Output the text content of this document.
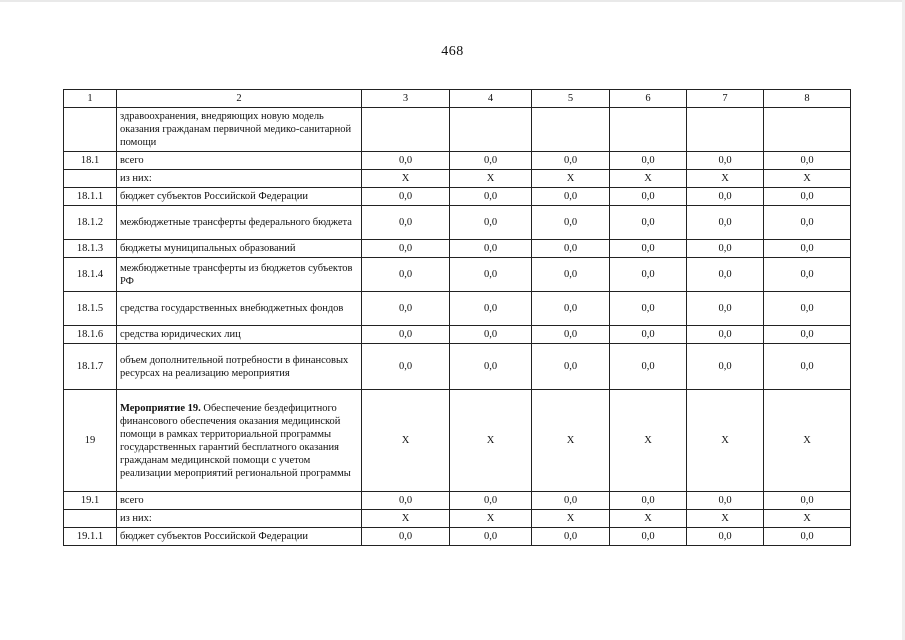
468
1	2	3	4	5	6	7	8
	здравоохранения, внедряющих новую модель оказания гражданам первичной медико-санитарной помощи						
18.1	всего	0,0	0,0	0,0	0,0	0,0	0,0
	из них:	X	X	X	X	X	X
18.1.1	бюджет субъектов Российской Федерации	0,0	0,0	0,0	0,0	0,0	0,0
18.1.2	межбюджетные трансферты федерального бюджета	0,0	0,0	0,0	0,0	0,0	0,0
18.1.3	бюджеты муниципальных образований	0,0	0,0	0,0	0,0	0,0	0,0
18.1.4	межбюджетные трансферты из бюджетов субъектов РФ	0,0	0,0	0,0	0,0	0,0	0,0
18.1.5	средства государственных внебюджетных фондов	0,0	0,0	0,0	0,0	0,0	0,0
18.1.6	средства юридических лиц	0,0	0,0	0,0	0,0	0,0	0,0
18.1.7	объем дополнительной потребности в финансовых ресурсах на реализацию мероприятия	0,0	0,0	0,0	0,0	0,0	0,0
19	Мероприятие 19. Обеспечение бездефицитного финансового обеспечения оказания медицинской помощи в рамках территориальной программы государственных гарантий бесплатного оказания гражданам медицинской помощи с учетом реализации мероприятий региональной программы	X	X	X	X	X	X
19.1	всего	0,0	0,0	0,0	0,0	0,0	0,0
	из них:	X	X	X	X	X	X
19.1.1	бюджет субъектов Российской Федерации	0,0	0,0	0,0	0,0	0,0	0,0
